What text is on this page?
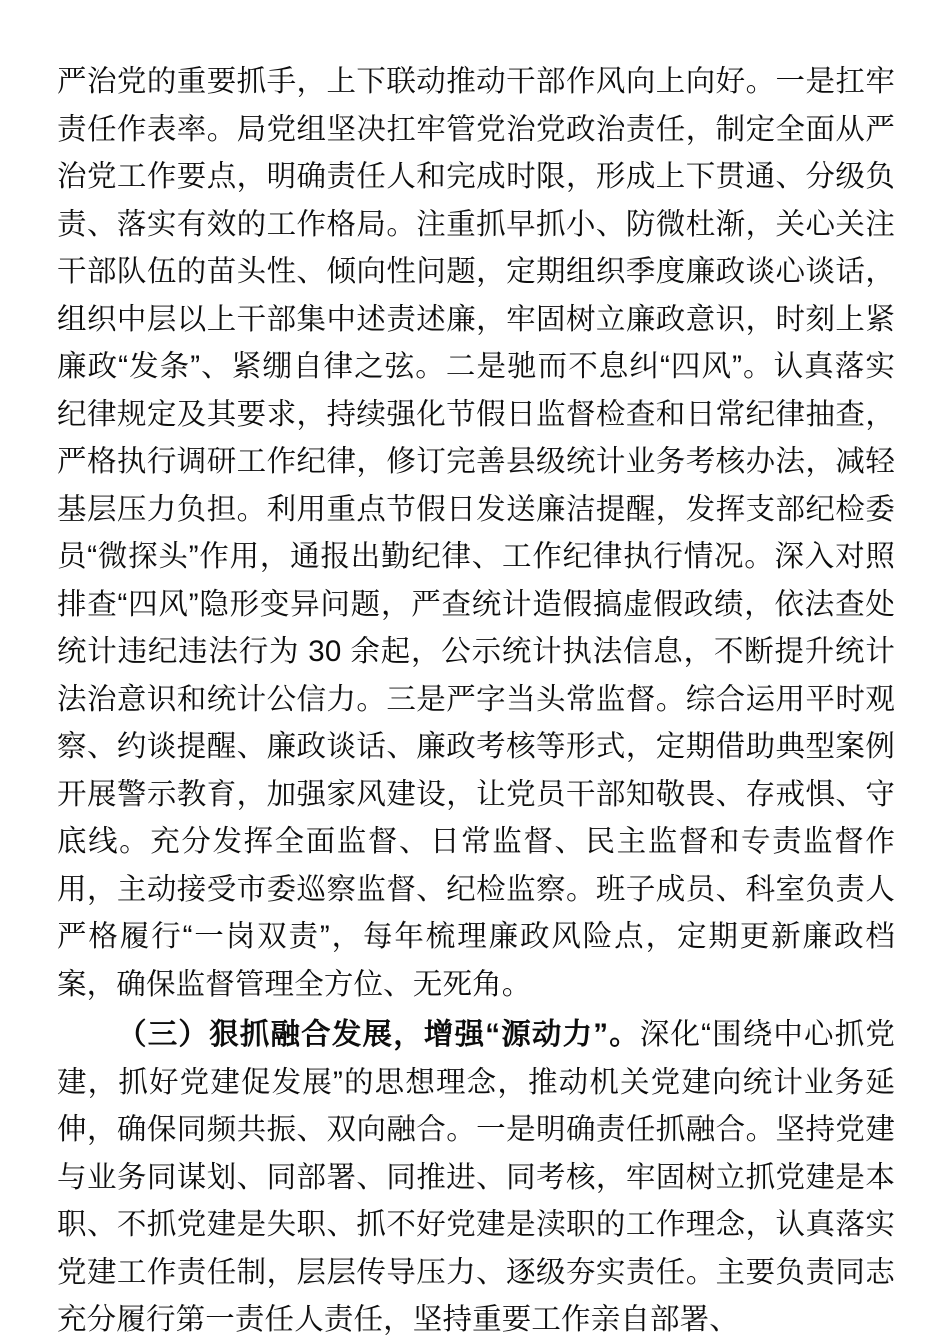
严治党的重要抓手，上下联动推动干部作风向上向好。一是扛牢责任作表率。局党组坚决扛牢管党治党政治责任，制定全面从严治党工作要点，明确责任人和完成时限，形成上下贯通、分级负责、落实有效的工作格局。注重抓早抓小、防微杜渐，关心关注干部队伍的苗头性、倾向性问题，定期组织季度廉政谈心谈话，组织中层以上干部集中述责述廉，牢固树立廉政意识，时刻上紧廉政“发条”、紧绷自律之弦。二是驰而不息纠“四风”。认真落实纪律规定及其要求，持续强化节假日监督检查和日常纪律抽查，严格执行调研工作纪律，修订完善县级统计业务考核办法，减轻基层压力负担。利用重点节假日发送廉洁提醒，发挥支部纪检委员“微探头”作用，通报出勤纪律、工作纪律执行情况。深入对照排查“四风”隐形变异问题，严查统计造假搞虚假政绩，依法查处统计违纪违法行为 30 余起，公示统计执法信息，不断提升统计法治意识和统计公信力。三是严字当头常监督。综合运用平时观察、约谈提醒、廉政谈话、廉政考核等形式，定期借助典型案例开展警示教育，加强家风建设，让党员干部知敬畏、存戒惧、守底线。充分发挥全面监督、日常监督、民主监督和专责监督作用，主动接受市委巡察监督、纪检监察。班子成员、科室负责人严格履行“一岗双责”，每年梳理廉政风险点，定期更新廉政档案，确保监督管理全方位、无死角。

（三）狠抓融合发展，增强“源动力”。深化“围绕中心抓党建，抓好党建促发展”的思想理念，推动机关党建向统计业务延伸，确保同频共振、双向融合。一是明确责任抓融合。坚持党建与业务同谋划、同部署、同推进、同考核，牢固树立抓党建是本职、不抓党建是失职、抓不好党建是渎职的工作理念，认真落实党建工作责任制，层层传导压力、逐级夯实责任。主要负责同志充分履行第一责任人责任，坚持重要工作亲自部署、
